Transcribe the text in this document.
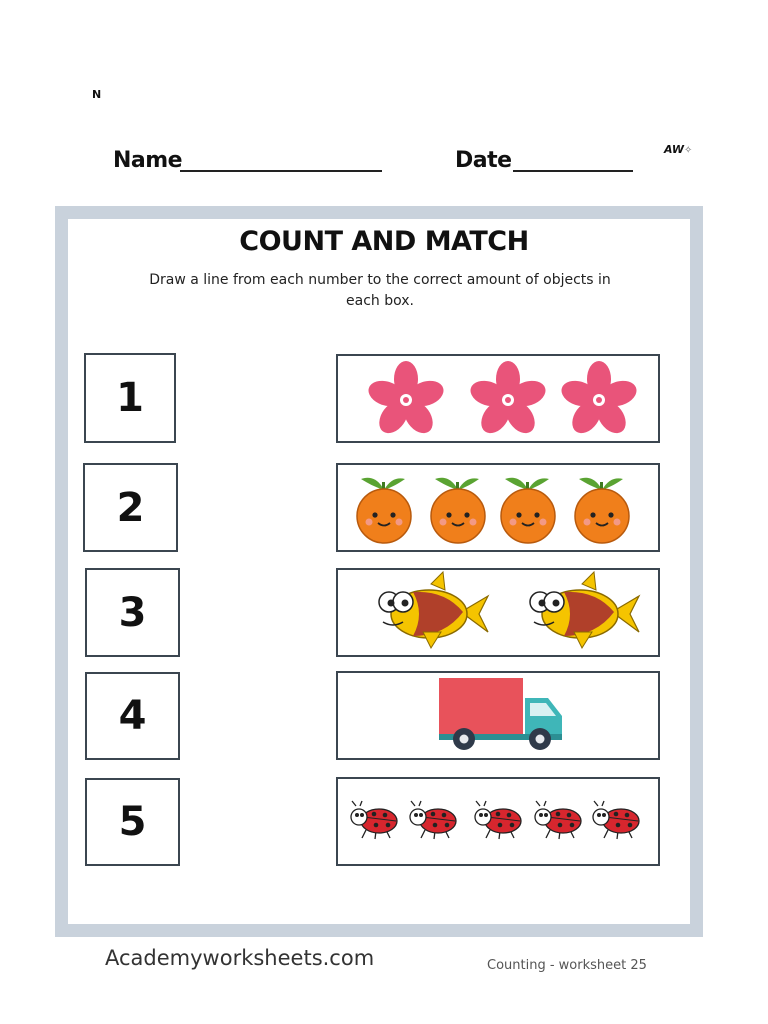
N
Name	Date	AW✧
COUNT AND MATCH
Draw a line from each number to the correct amount of objects in each box.
1
2
3
4
5
Academyworksheets.com	Counting - worksheet 25
